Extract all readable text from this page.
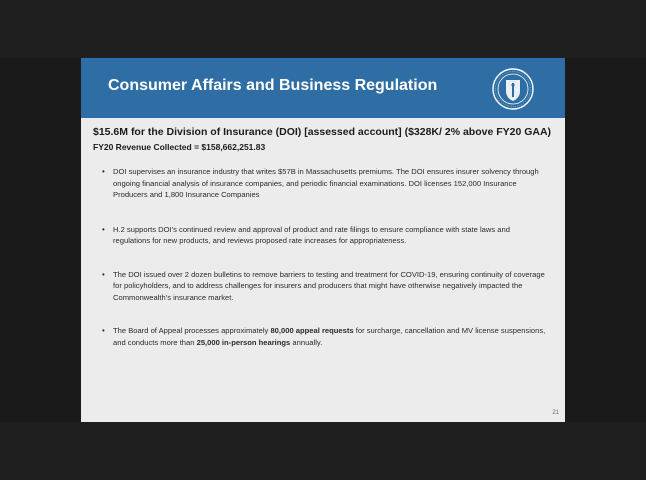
Consumer Affairs and Business Regulation
$15.6M for the Division of Insurance (DOI) [assessed account] ($328K/ 2% above FY20 GAA)
FY20 Revenue Collected = $158,662,251.83
• DOI supervises an insurance industry that writes $57B in Massachusetts premiums. The DOI ensures insurer solvency through ongoing financial analysis of insurance companies, and periodic financial examinations. DOI licenses 152,000 Insurance Producers and 1,800 Insurance Companies
• H.2 supports DOI's continued review and approval of product and rate filings to ensure compliance with state laws and regulations for new products, and reviews proposed rate increases for appropriateness.
• The DOI issued over 2 dozen bulletins to remove barriers to testing and treatment for COVID-19, ensuring continuity of coverage for policyholders, and to address challenges for insurers and producers that might have otherwise negatively impacted the Commonwealth's insurance market.
• The Board of Appeal processes approximately 80,000 appeal requests for surcharge, cancellation and MV license suspensions, and conducts more than 25,000 in-person hearings annually.
21
